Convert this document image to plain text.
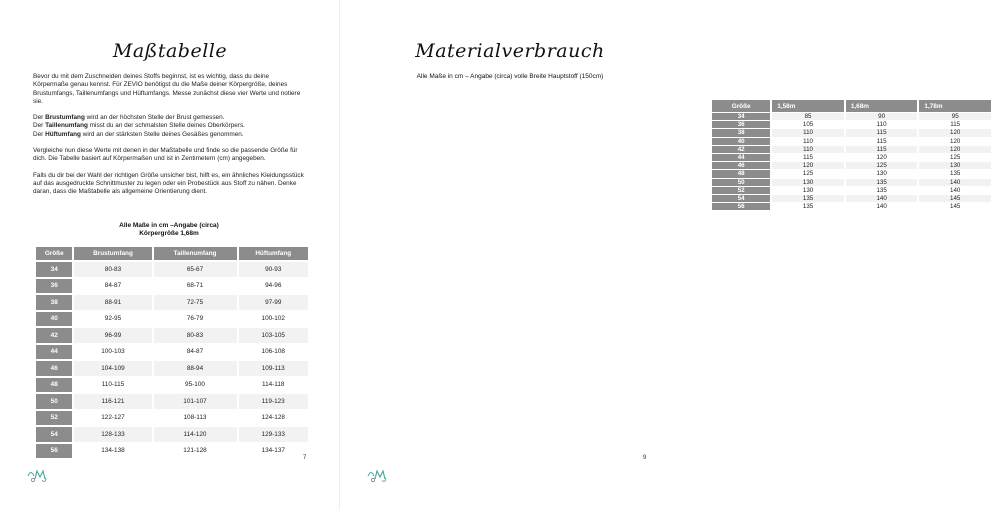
Maßtabelle

Bevor du mit dem Zuschneiden deines Stoffs beginnst, ist es wichtig, dass du deine Körpermaße genau kennst. Für ZEVIO benötigst du die Maße deiner Körpergröße, deines Brustumfangs, Taillenumfangs und Hüftumfangs. Messe zunächst diese vier Werte und notiere sie.

Der Brustumfang wird an der höchsten Stelle der Brust gemessen.
Der Taillenumfang misst du an der schmalsten Stelle deines Oberkörpers.
Der Hüftumfang wird an der stärksten Stelle deines Gesäßes genommen.

Vergleiche nun diese Werte mit denen in der Maßtabelle und finde so die passende Größe für dich. Die Tabelle basiert auf Körpermaßen und ist in Zentimetern (cm) angegeben.

Falls du dir bei der Wahl der richtigen Größe unsicher bist, hilft es, ein ähnliches Kleidungsstück auf das ausgedruckte Schnittmuster zu legen oder ein Probestück aus Stoff zu nähen. Denke daran, dass die Maßtabelle als allgemeine Orientierung dient.

Alle Maße in cm –Angabe (circa)
Körpergröße 1,68m
Größe	Brustumfang	Taillenumfang	Hüftumfang
34	80-83	65-67	90-93
36	84-87	68-71	94-96
38	88-91	72-75	97-99
40	92-95	76-79	100-102
42	96-99	80-83	103-105
44	100-103	84-87	106-108
46	104-109	88-94	109-113
48	110-115	95-100	114-118
50	116-121	101-107	119-123
52	122-127	108-113	124-128
54	128-133	114-120	129-133
56	134-138	121-128	134-137
7
Materialverbrauch
Alle Maße in cm – Angabe (circa) volle Breite Hauptstoff (150cm)
Größe	1,58m	1,68m	1,78m
34	85	90	95
36	105	110	115
38	110	115	120
40	110	115	120
42	110	115	120
44	115	120	125
46	120	125	130
48	125	130	135
50	130	135	140
52	130	135	140
54	135	140	145
56	135	140	145
9
